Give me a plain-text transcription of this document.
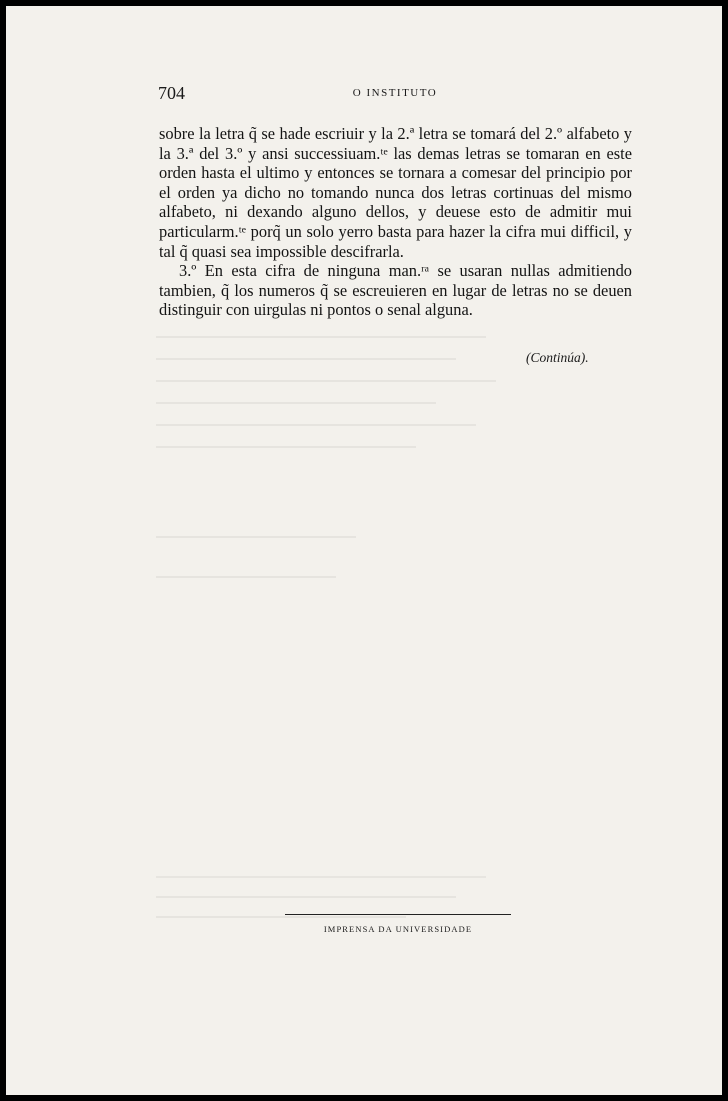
704	O INSTITUTO

sobre la letra q̃ se hade escriuir y la 2.ª letra se tomará del 2.º alfabeto y la 3.ª del 3.º y ansi successiuam.ᵗᵉ las demas letras se tomaran en este orden hasta el ultimo y entonces se tornara a comesar del principio por el orden ya dicho no tomando nunca dos letras cortinuas del mismo alfabeto, ni dexando alguno dellos, y deuese esto de admitir mui particularm.ᵗᵉ porq̃ un solo yerro basta para hazer la cifra mui difficil, y tal q̃ quasi sea impossible descifrarla.

3.º En esta cifra de ninguna man.ʳᵃ se usaran nullas admitiendo tambien, q̃ los numeros q̃ se escreuieren en lugar de letras no se deuen distinguir con uirgulas ni pontos o senal alguna.

(Continúa).
IMPRENSA DA UNIVERSIDADE
